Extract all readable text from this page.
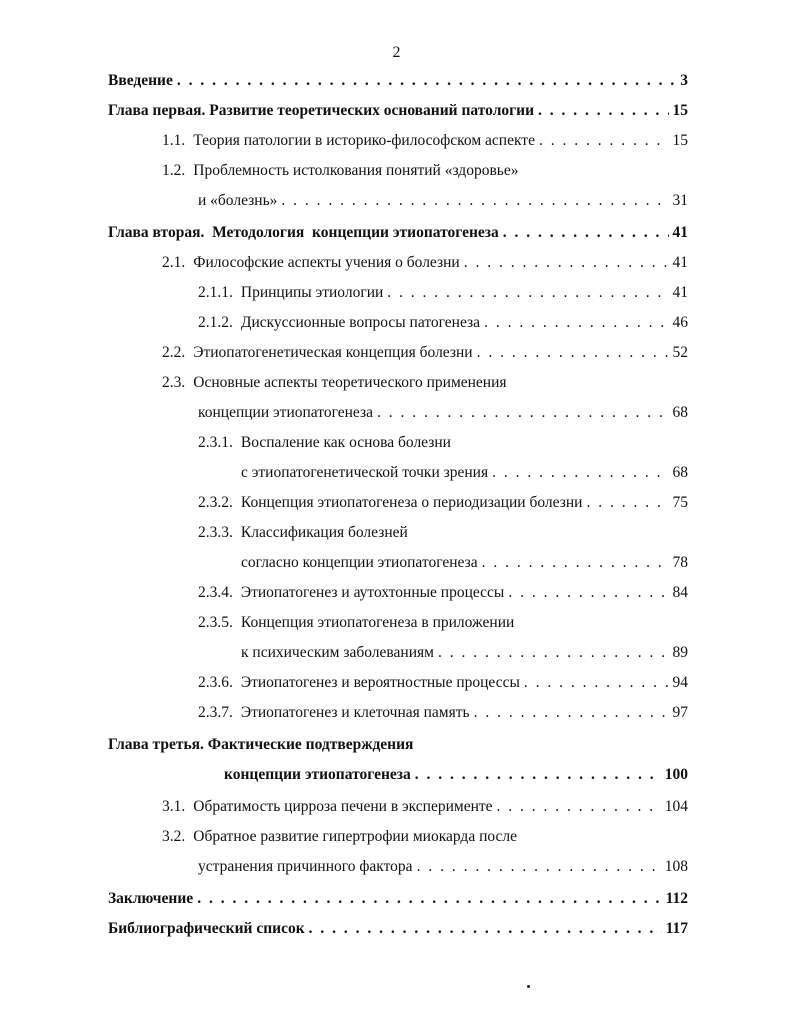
2
Введение . . .	3
Глава первая. Развитие теоретических оснований патологии . . .	15
1.1. Теория патологии в историко-философском аспекте . . .	15
1.2. Проблемность истолкования понятий «здоровье»
и «болезнь» . . .	31
Глава вторая.  Методология  концепции этиопатогенеза . . .	41
2.1. Философские аспекты учения о болезни . . .	41
2.1.1. Принципы этиологии . . .	41
2.1.2. Дискуссионные вопросы патогенеза . . .	46
2.2. Этиопатогенетическая концепция болезни . . .	52
2.3. Основные аспекты теоретического применения
концепции этиопатогенеза . . .	68
2.3.1. Воспаление как основа болезни
с этиопатогенетической точки зрения . . .	68
2.3.2. Концепция этиопатогенеза о периодизации болезни . . .	75
2.3.3. Классификация болезней
согласно концепции этиопатогенеза . . .	78
2.3.4. Этиопатогенез и аутохтонные процессы . . .	84
2.3.5. Концепция этиопатогенеза в приложении
к психическим заболеваниям . . .	89
2.3.6. Этиопатогенез и вероятностные процессы . . .	94
2.3.7. Этиопатогенез и клеточная память . . .	97
Глава третья. Фактические подтверждения
концепции этиопатогенеза . . .	100
3.1. Обратимость цирроза печени в эксперименте . . .	104
3.2. Обратное развитие гипертрофии миокарда после
устранения причинного фактора . . .	108
Заключение . . .	112
Библиографический список . . .	117
